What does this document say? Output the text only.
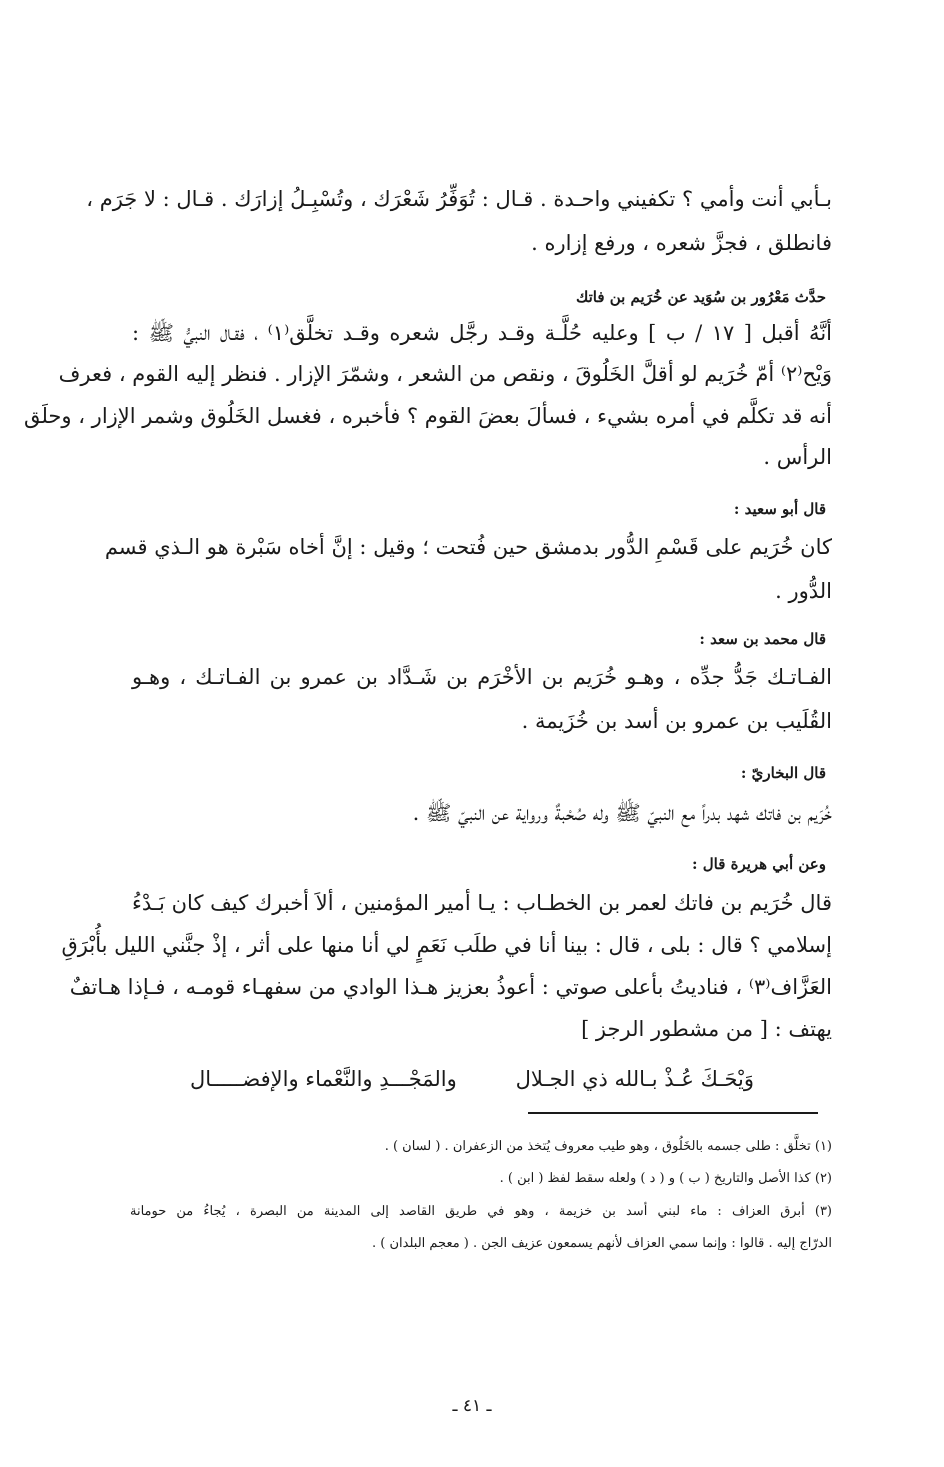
بـأبي أنت وأمي ؟ تكفيني واحـدة . قـال : تُوَفِّرُ شَعْرَك ، وتُسْبِـلُ إزارَك . قـال : لا جَرَم ،
فانطلق ، فجزَّ شعره ، ورفع إزاره .
حدَّث مَعْرُور بن سُوَيد عن خُرَيم بن فاتك
أنَّهُ أقبل [ ١٧ / ب ] وعليه حُلَّـة وقـد رجَّل شعره وقـد تخلَّق⁽١⁾ ، فقـال النبيُّ ﷺ :
وَيْح⁽٢⁾ أمّ خُرَيم لو أقلَّ الخَلُوقَ ، ونقص من الشعر ، وشمّرَ الإزار . فنظر إليه القوم ، فعرف
أنه قد تكلَّم في أمره بشيء ، فسألَ بعضَ القوم ؟ فأخبره ، فغسل الخَلُوق وشمر الإزار ، وحلَق
الرأس .
قال أبو سعيد :
كان خُرَيم على قَسْمِ الدُّور بدمشق حين فُتحت ؛ وقيل : إنَّ أخاه سَبْرة هو الـذي قسم
الدُّور .
قال محمد بن سعد :
الفـاتـك جَدُّ جدِّه ، وهـو خُرَيم بن الأخْرَم بن شَـدَّاد بن عمرو بن الفـاتـك ، وهـو
القُلَيب بن عمرو بن أسد بن خُزَيمة .
قال البخاريّ :
خُرَيم بن فاتك شهد بدراً مع النبيّ ﷺ وله صُحْبةٌ ورواية عن النبيّ ﷺ .
وعن أبي هريرة قال :
قال خُرَيم بن فاتك لعمر بن الخطـاب : يـا أمير المؤمنين ، ألاَ أخبرك كيف كان بَـدْءُ
إسلامي ؟ قال : بلى ، قال : بينا أنا في طلَب نَعَمٍ لي أنا منها على أثر ، إذْ جنَّني الليل بأُبْرَقِ
العَزَّاف⁽٣⁾ ، فناديتُ بأعلى صوتي : أعوذُ بعزيز هـذا الوادي من سفهـاء قومـه ، فـإذا هـاتفٌ
يهتف : [ من مشطور الرجز ]
وَيْحَـكَ عُـذْ بـالله ذي الجـلال
والمَجْـــدِ والنَّعْماء والإفضـــــال
(١) تخلَّق : طلى جسمه بالخَلُوق ، وهو طيب معروف يُتخذ من الزعفران . ( لسان ) .
(٢) كذا الأصل والتاريخ ( ب ) و ( د ) ولعله سقط لفظ ( ابن ) .
(٣) أبرق العزاف : ماء لبني أسد بن خزيمة ، وهو في طريق القاصد إلى المدينة من البصرة ، يُجاءُ من حومانة
الدرّاج إليه . قالوا : وإنما سمي العزاف لأنهم يسمعون عزيف الجن . ( معجم البلدان ) .
ـ ٤١ ـ
